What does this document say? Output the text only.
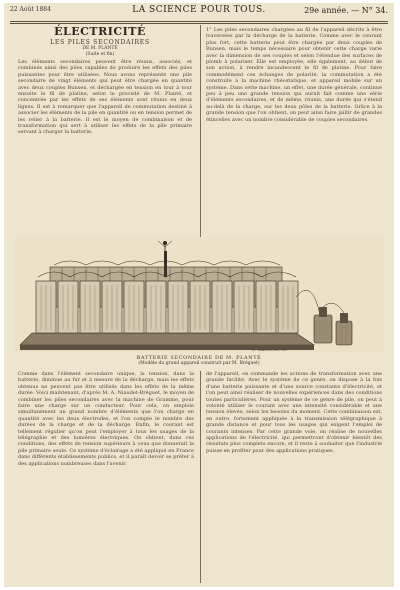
22 Août 1884	LA SCIENCE POUR TOUS.	29e année. — N° 34.
ÉLECTRICITÉ
LES PILES SECONDAIRES
DE M. PLANTÉ
(Suite et fin)
Les éléments secondaires peuvent être réunis, associés, et combinés ainsi des piles capables de produire les effets des piles puissantes pour être utilisées. Nous avons représenté une pile secondaire de vingt éléments qui peut être chargée en quantité avec deux couples Bunsen, et déchargée en tension en tour à tour ensuite le fil de platine, selon le procédé de M. Planté, et concentrée par les effets de ses éléments sont réunis en deux lignes. Il est à remarquer que l'appareil de commutation destiné à associer les éléments de la pile en quantité ou en tension permet de les relier à la batterie. Il est le moyen de combinaison et de transformation qui sert à utiliser les effets de la pile primaire servant à charger la batterie.
1° Les piles secondaires chargées au fil de l'appareil décrits à être traversées par la décharge de la batterie. Comme avec le courant plus fort, cette batterie peut être chargée par deux couples de Bunsen, mais le temps nécessaire pour obtenir cette charge varie avec la dimension de ses couples et selon l'étendue des surfaces de plomb à polariser. Elle est employée, elle également, au début de son action, à rendre incandescent le fil de platine. Pour faire commodément ces échanges de polarité, la commutation a été construite à la machine rhéostatique, et appareil mobile sur un système. Dans cette machine, un effet, une durée générale, continue peu à peu une grande tension qui aurait fait comme une série d'éléments secondaires, et de même, réunis, une durée qui s'étend au-delà de la charge, sur les deux pôles de la batterie. Grâce à la grande tension que l'on obtient, on peut ainsi faire jaillir de grandes étincelles avec un nombre considérable de couples secondaires.
E. LAROCHE, SC.
BATTERIE SECONDAIRE DE M. PLANTÉ
(Modèle du grand appareil construit par M. Bréguet)
Comme dans l'élément secondaire unique, la tension, dans la batterie, diminue au fur et à mesure de la décharge, mais les effets obtenus ne peuvent pas être utilisés dans les effets de la même durée. Voici maintenant, d'après M. A. Niaudet-Bréguet, le moyen de combiner les piles secondaires avec la machine de Gramme, pour faire une charge sur un conducteur. Pour cela, on emploie simultanément un grand nombre d'éléments que l'on charge en quantité avec les deux électrodes, et l'on compte le nombre des durées de la charge et de la décharge. Enfin, le courant est tellement régulier qu'on peut l'employer à tous les usages de la télégraphie et des lumières électriques. On obtient, dans ces conditions, des effets de tension supérieurs à ceux que donnerait la pile primaire seule. Ce système d'éclairage a été appliqué en France dans différents établissements publics, et il paraît devoir se prêter à des applications nombreuses dans l'avenir.
de l'appareil, on commande les actions de transformation avec une grande facilité. Avec le système de ce genre, on dispose à la fois d'une batterie puissante et d'une source constante d'électricité, et l'on peut ainsi réaliser de nouvelles expériences dans des conditions toutes particulières. Pour un système de ce genre de pile, on peut à volonté utiliser le courant avec une intensité considérable et une tension élevée, selon les besoins du moment. Cette combinaison est, en outre, fortement appliquée à la transmission télégraphique à grande distance et pour tous les usages qui exigent l'emploi de courants intenses. Par cette grande voie, on réalise de nouvelles applications de l'électricité, qui permettront d'obtenir bientôt des résultats plus complets encore, et il reste à souhaiter que l'industrie puisse en profiter pour des applications pratiques.
